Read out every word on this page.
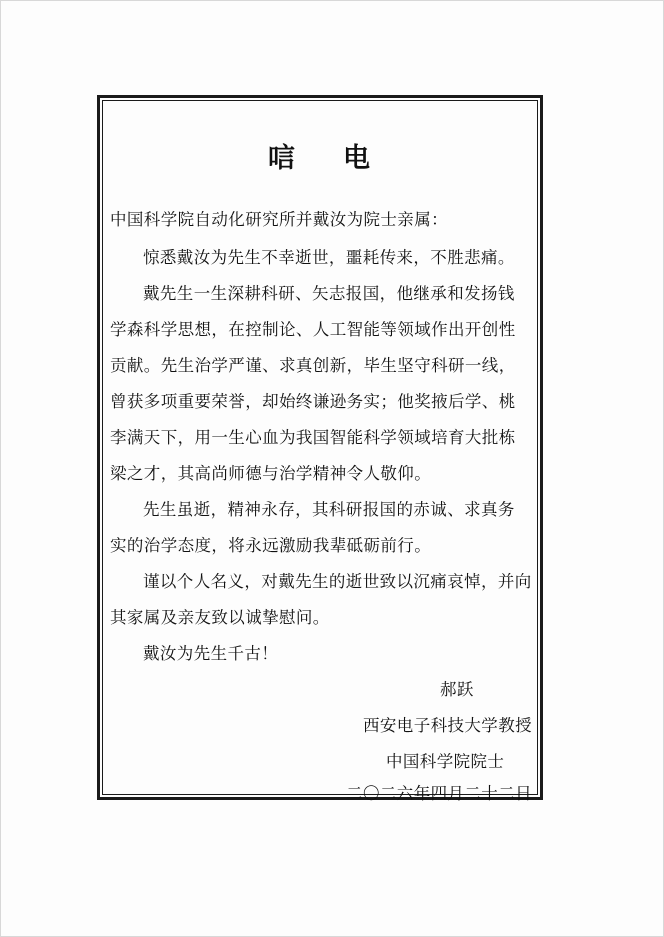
唁 电
中国科学院自动化研究所并戴汝为院士亲属：
惊悉戴汝为先生不幸逝世，噩耗传来，不胜悲痛。
戴先生一生深耕科研、矢志报国，他继承和发扬钱
学森科学思想，在控制论、人工智能等领域作出开创性
贡献。先生治学严谨、求真创新，毕生坚守科研一线，
曾获多项重要荣誉，却始终谦逊务实；他奖掖后学、桃
李满天下，用一生心血为我国智能科学领域培育大批栋
梁之才，其高尚师德与治学精神令人敬仰。
先生虽逝，精神永存，其科研报国的赤诚、求真务
实的治学态度，将永远激励我辈砥砺前行。
谨以个人名义，对戴先生的逝世致以沉痛哀悼，并向
其家属及亲友致以诚挚慰问。
戴汝为先生千古！
郝跃
西安电子科技大学教授
中国科学院院士
二〇二六年四月二十二日
